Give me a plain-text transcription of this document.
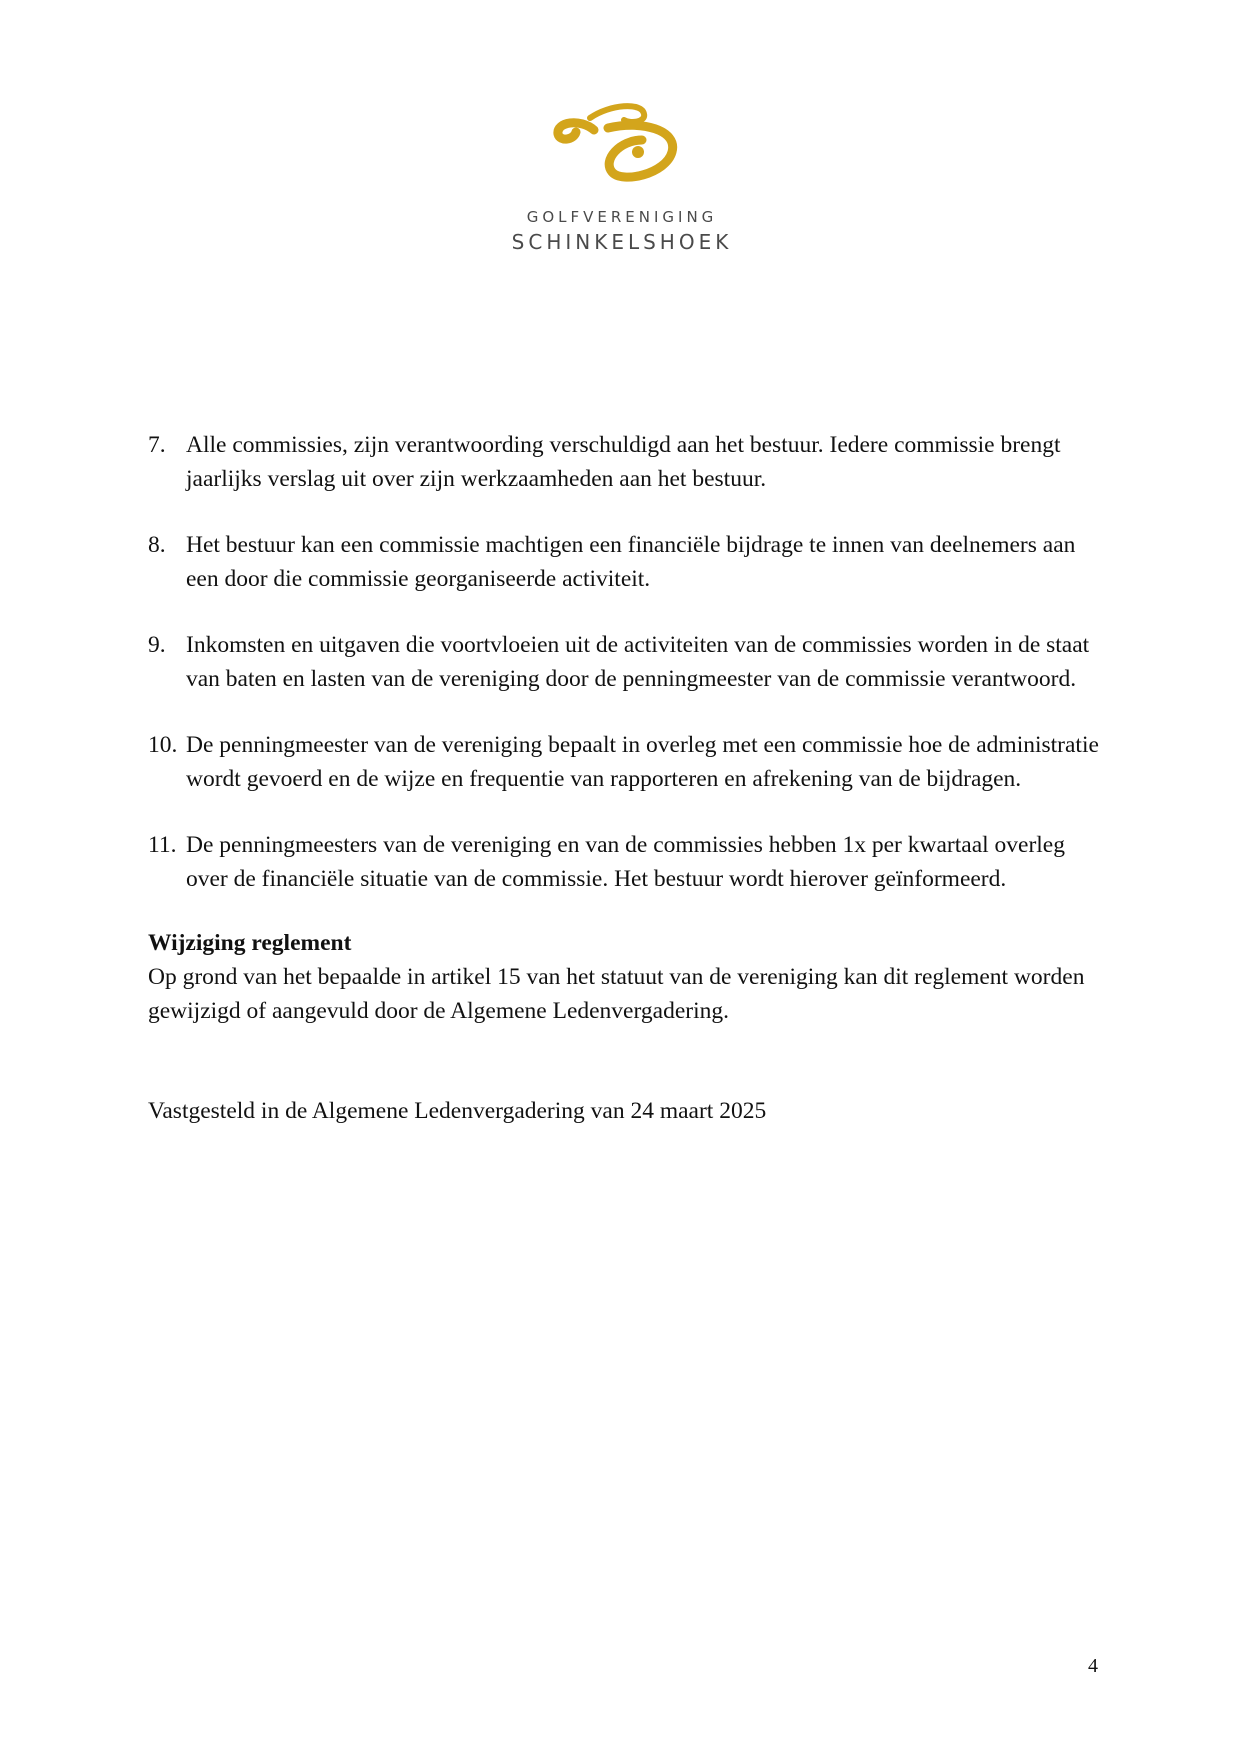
GOLFVERENIGING
SCHINKELSHOEK
7. Alle commissies, zijn verantwoording verschuldigd aan het bestuur. Iedere commissie brengt jaarlijks verslag uit over zijn werkzaamheden aan het bestuur.
8. Het bestuur kan een commissie machtigen een financiële bijdrage te innen van deelnemers aan een door die commissie georganiseerde activiteit.
9. Inkomsten en uitgaven die voortvloeien uit de activiteiten van de commissies worden in de staat van baten en lasten van de vereniging door de penningmeester van de commissie verantwoord.
10. De penningmeester van de vereniging bepaalt in overleg met een commissie hoe de administratie wordt gevoerd en de wijze en frequentie van rapporteren en afrekening van de bijdragen.
11. De penningmeesters van de vereniging en van de commissies hebben 1x per kwartaal overleg over de financiële situatie van de commissie. Het bestuur wordt hierover geïnformeerd.
Wijziging reglement

Op grond van het bepaalde in artikel 15 van het statuut van de vereniging kan dit reglement worden gewijzigd of aangevuld door de Algemene Ledenvergadering.

Vastgesteld in de Algemene Ledenvergadering van 24 maart 2025

4
